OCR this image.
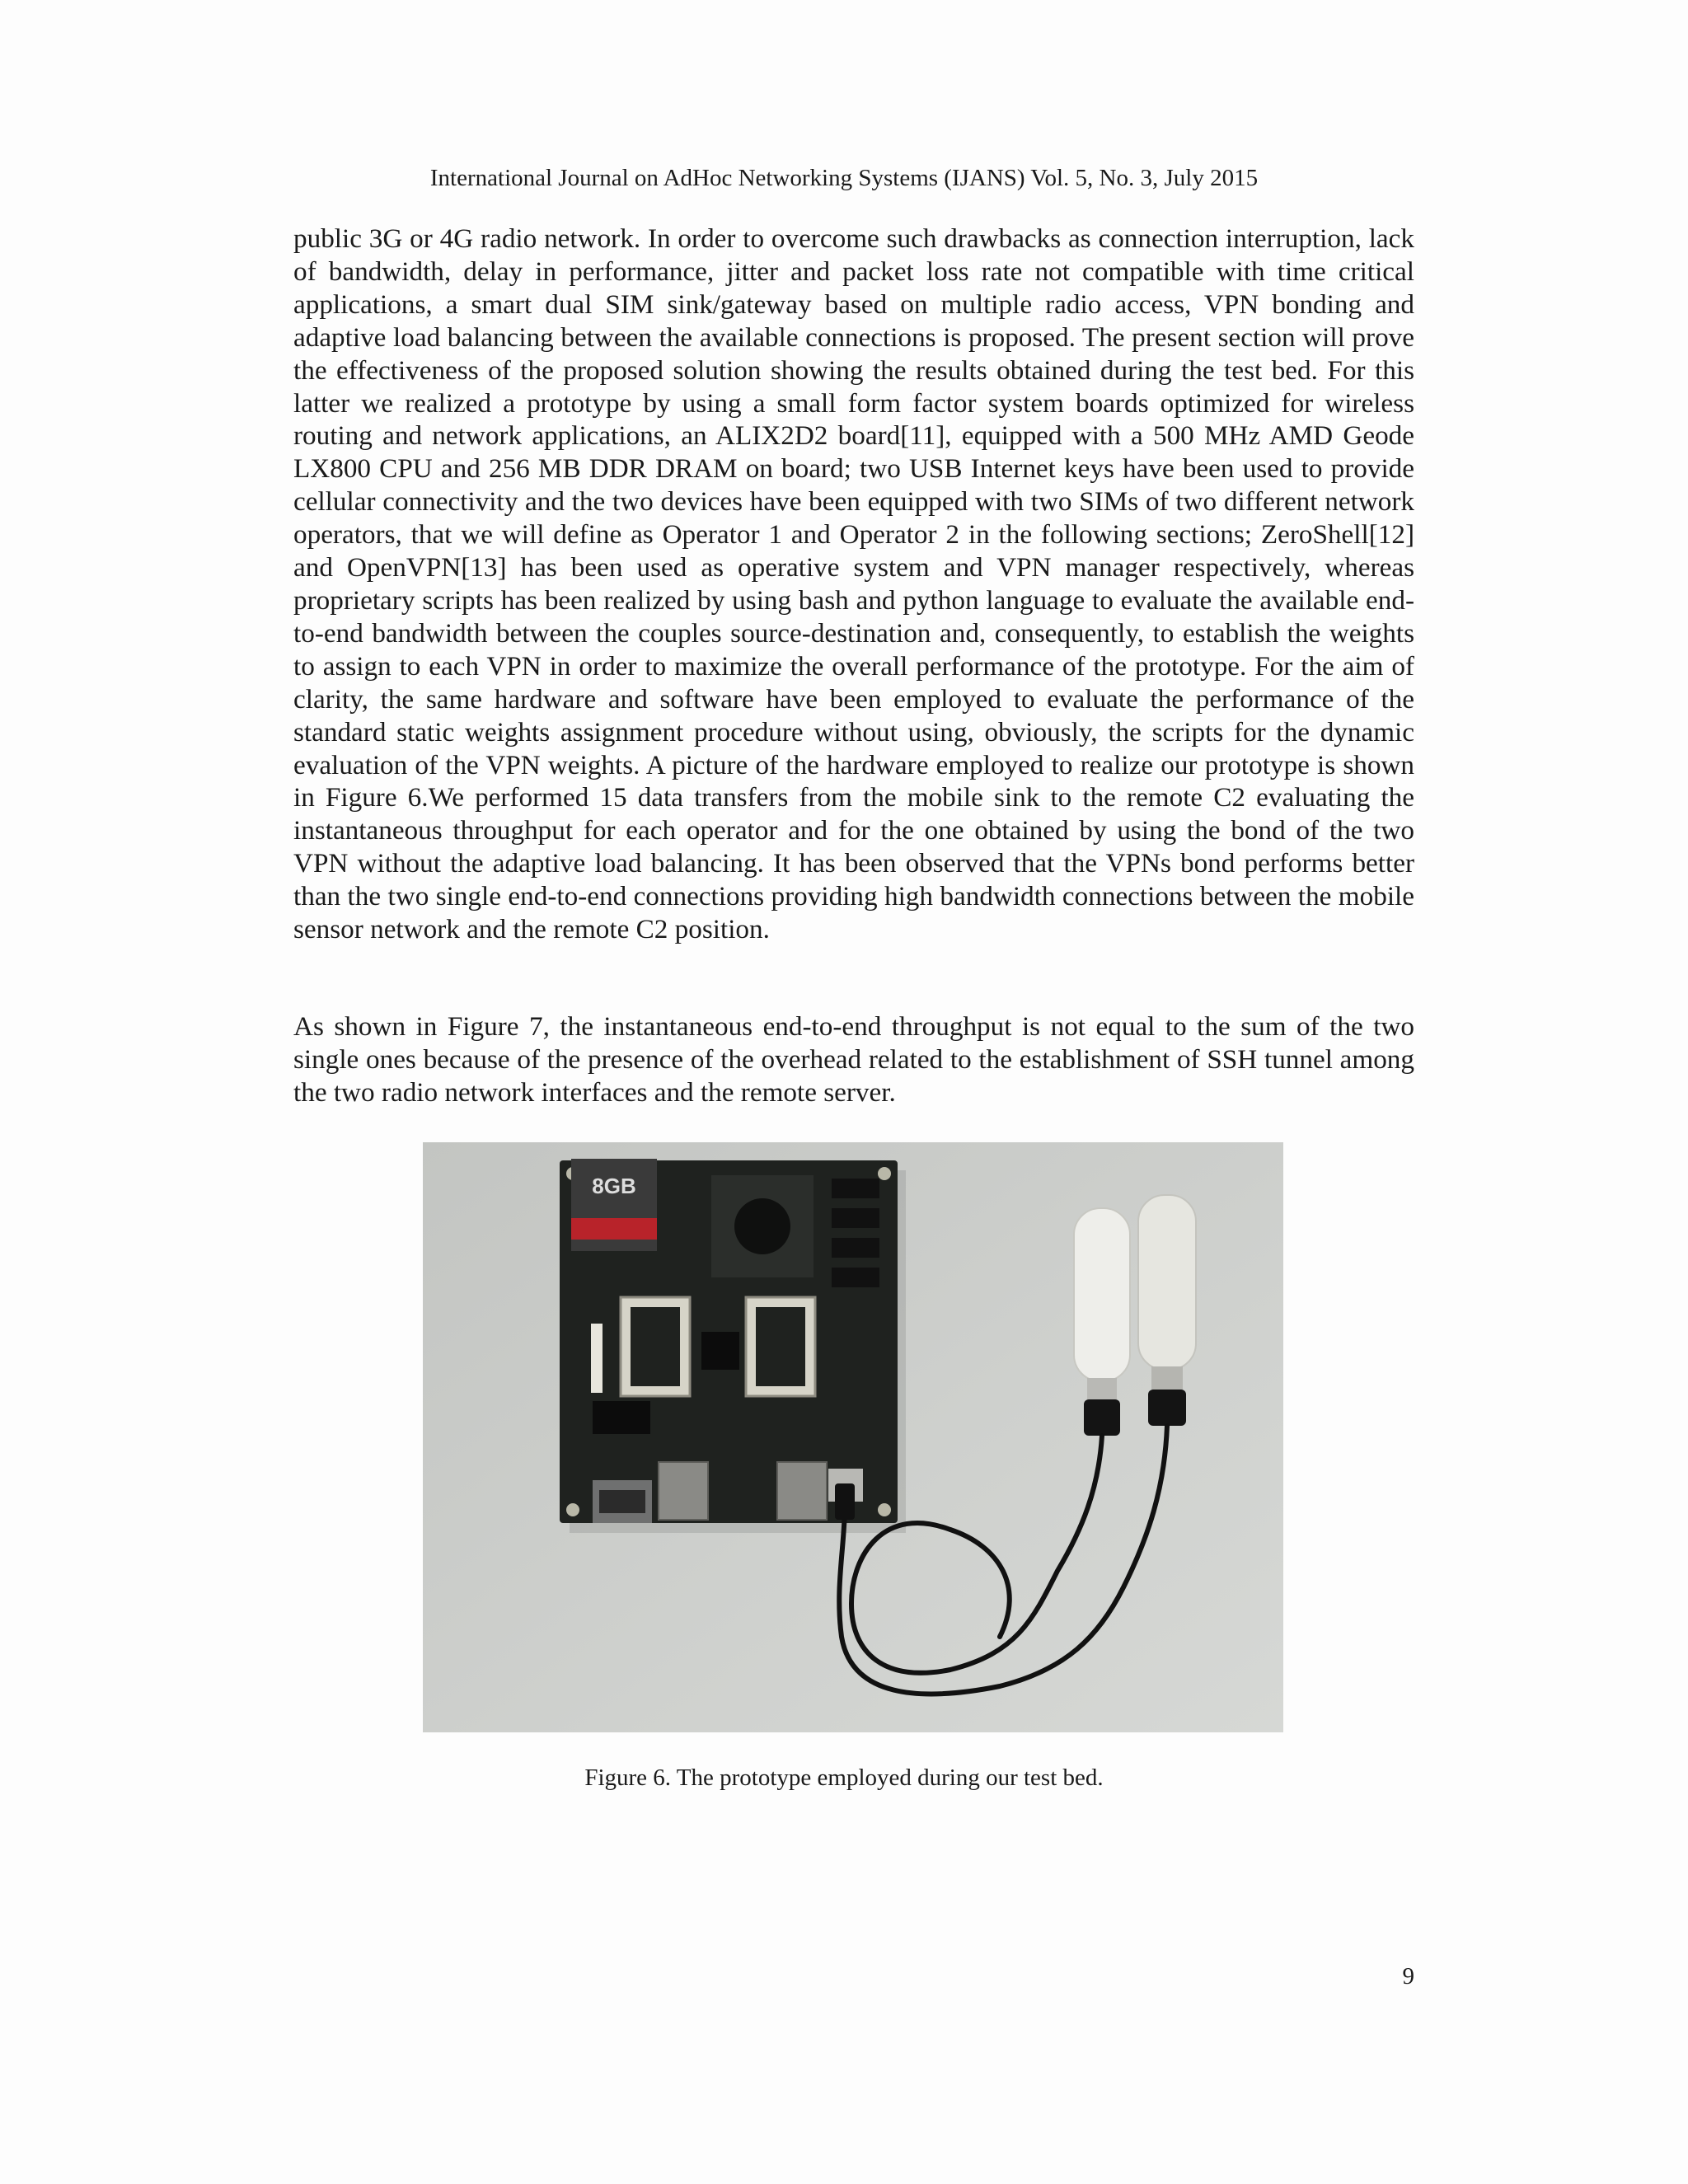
International Journal on AdHoc Networking Systems (IJANS) Vol. 5, No. 3, July 2015

public 3G or 4G radio network. In order to overcome such drawbacks as connection interruption, lack of bandwidth, delay in performance, jitter and packet loss rate not compatible with time critical applications, a smart dual SIM sink/gateway based on multiple radio access, VPN bonding and adaptive load balancing between the available connections is proposed. The present section will prove the effectiveness of the proposed solution showing the results obtained during the test bed. For this latter we realized a prototype by using a small form factor system boards optimized for wireless routing and network applications, an ALIX2D2 board[11], equipped with a 500 MHz AMD Geode LX800 CPU and 256 MB DDR DRAM on board; two USB Internet keys have been used to provide cellular connectivity and the two devices have been equipped with two SIMs of two different network operators, that we will define as Operator 1 and Operator 2 in the following sections; ZeroShell[12] and OpenVPN[13] has been used as operative system and VPN manager respectively, whereas proprietary scripts has been realized by using bash and python language to evaluate the available end-to-end bandwidth between the couples source-destination and, consequently, to establish the weights to assign to each VPN in order to maximize the overall performance of the prototype. For the aim of clarity, the same hardware and software have been employed to evaluate the performance of the standard static weights assignment procedure without using, obviously, the scripts for the dynamic evaluation of the VPN weights. A picture of the hardware employed to realize our prototype is shown in Figure 6.We performed 15 data transfers from the mobile sink to the remote C2 evaluating the instantaneous throughput for each operator and for the one obtained by using the bond of the two VPN without the adaptive load balancing. It has been observed that the VPNs bond performs better than the two single end-to-end connections providing high bandwidth connections between the mobile sensor network and the remote C2 position.

As shown in Figure 7, the instantaneous end-to-end throughput is not equal to the sum of the two single ones because of the presence of the overhead related to the establishment of SSH tunnel among the two radio network interfaces and the remote server.

8GB
Figure 6. The prototype employed during our test bed.
9
